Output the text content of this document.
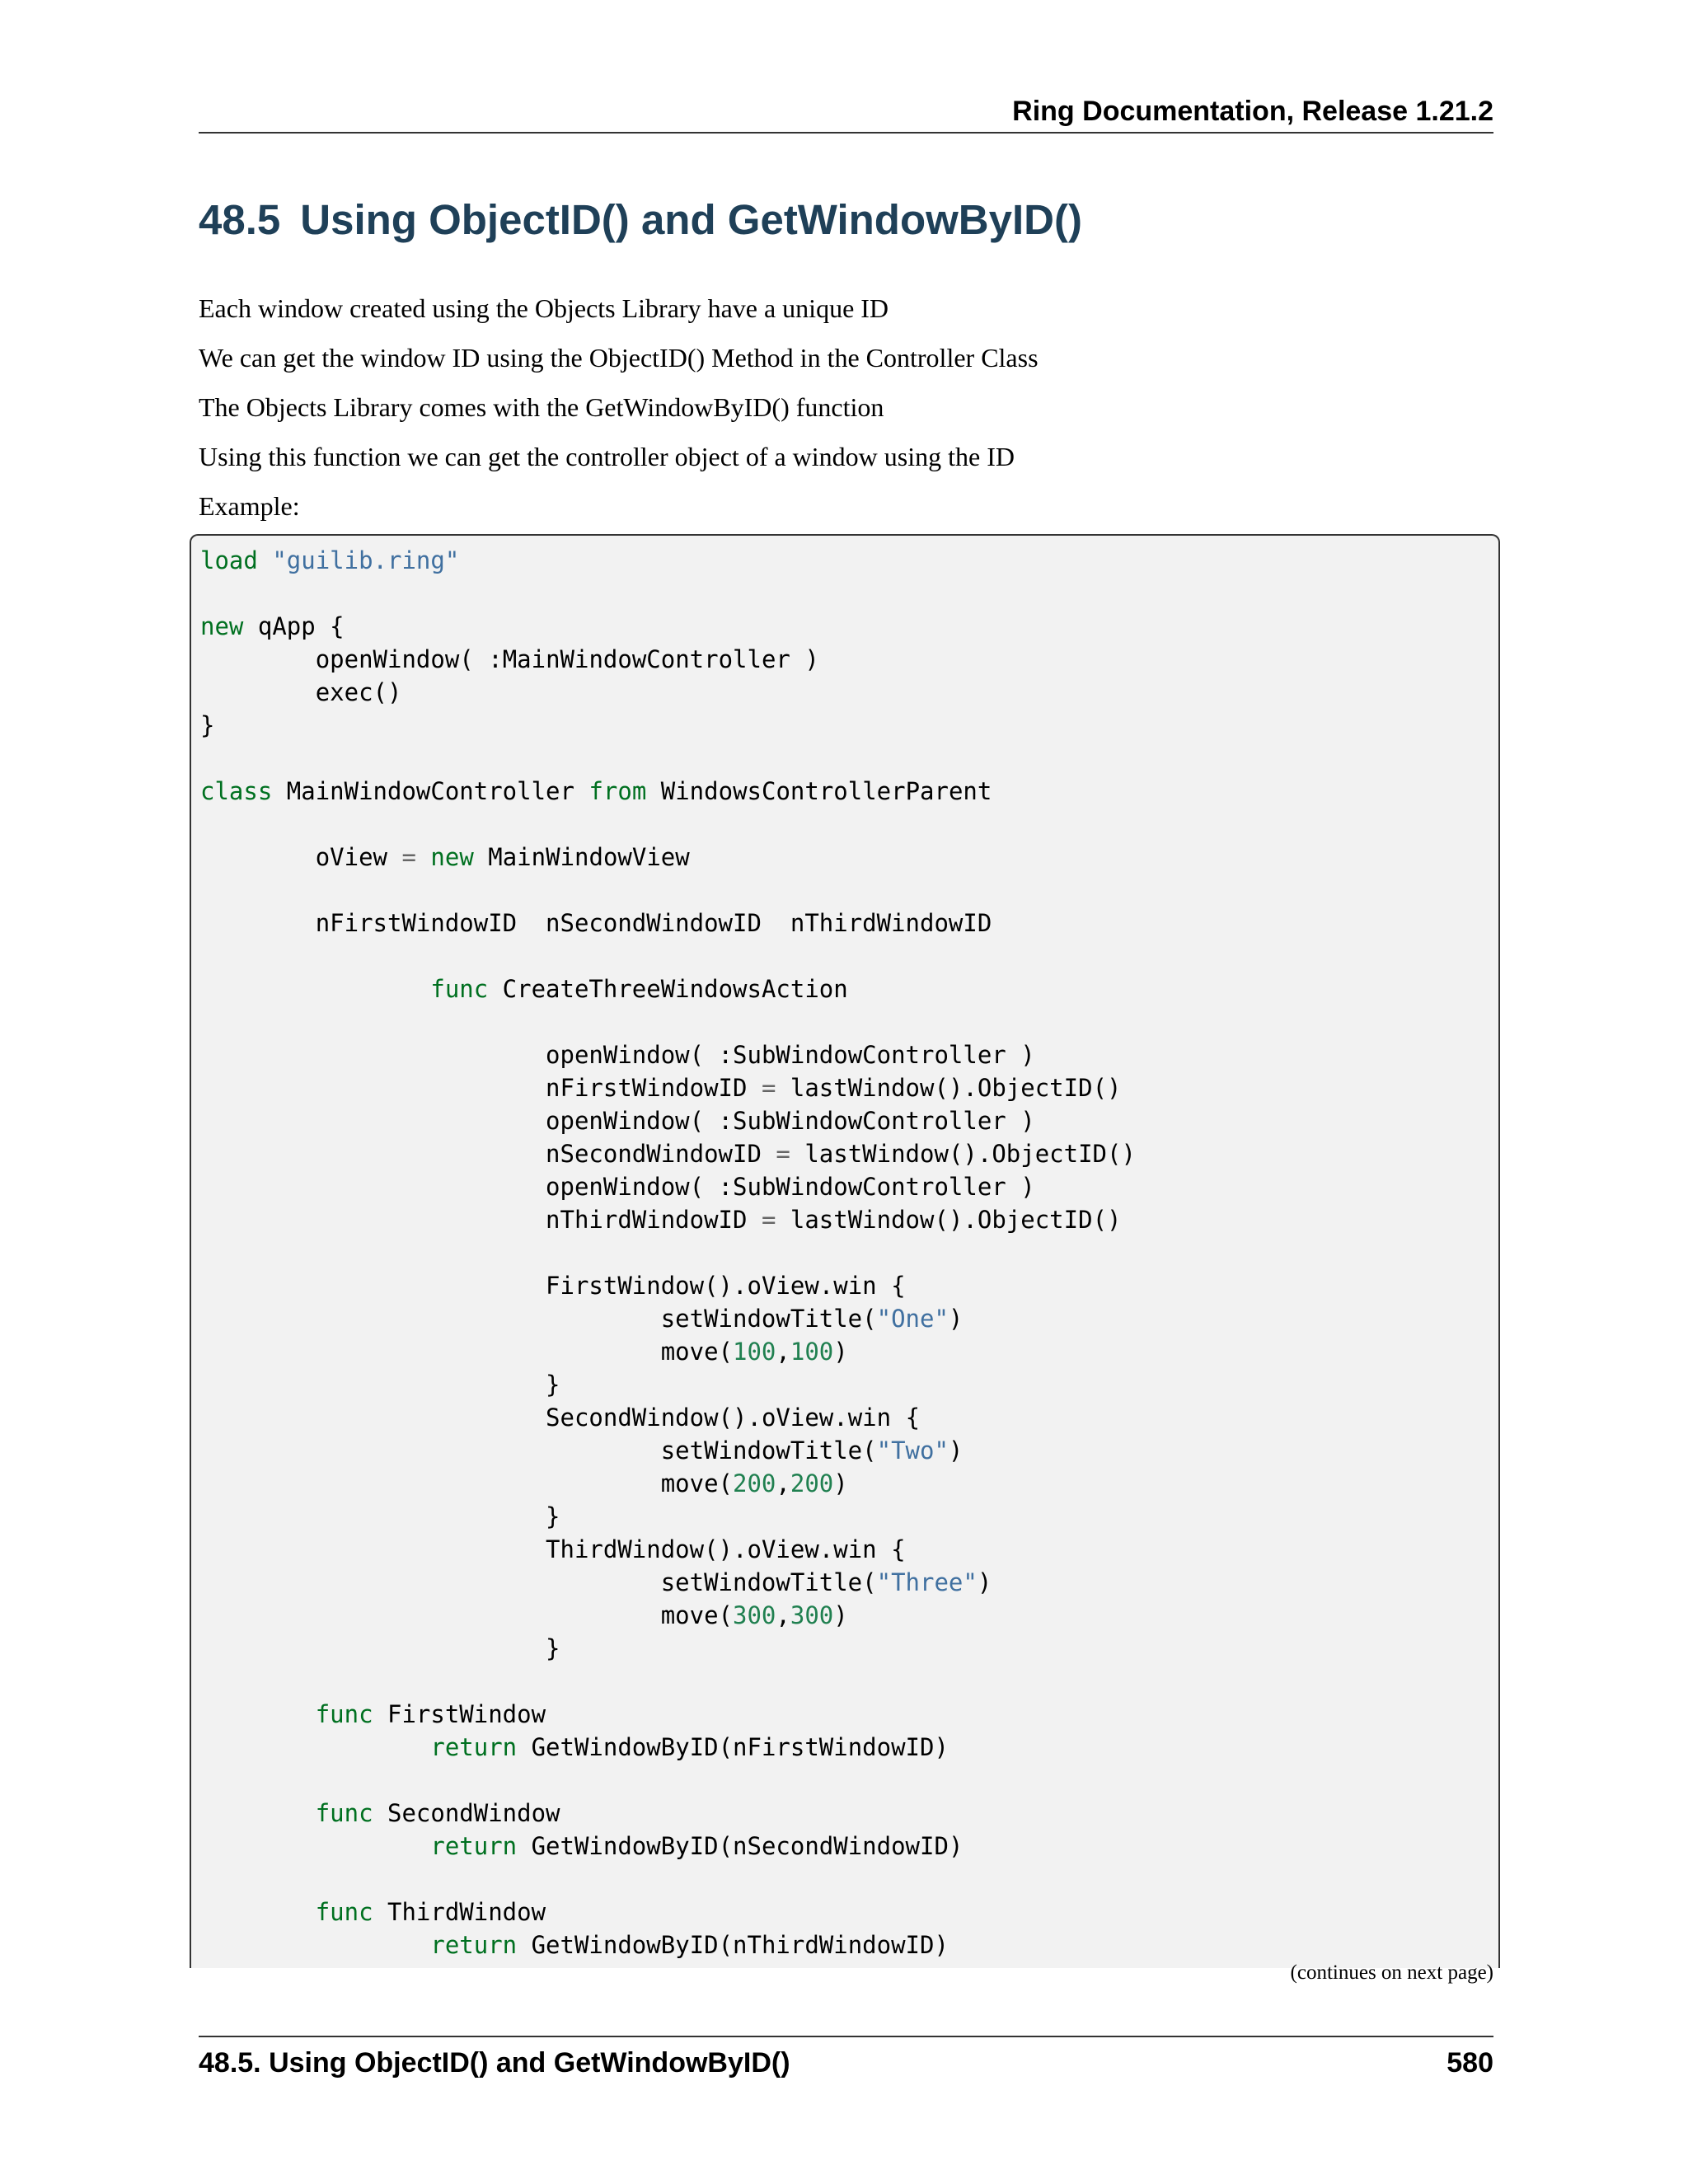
Ring Documentation, Release 1.21.2
48.5 Using ObjectID() and GetWindowByID()
Each window created using the Objects Library have a unique ID
We can get the window ID using the ObjectID() Method in the Controller Class
The Objects Library comes with the GetWindowByID() function
Using this function we can get the controller object of a window using the ID
Example:
load "guilib.ring"

new qApp {
openWindow( :MainWindowController )
exec()
}

class MainWindowController from WindowsControllerParent

oView = new MainWindowView

nFirstWindowID nSecondWindowID nThirdWindowID

func CreateThreeWindowsAction

openWindow( :SubWindowController )
nFirstWindowID = lastWindow().ObjectID()
openWindow( :SubWindowController )
nSecondWindowID = lastWindow().ObjectID()
openWindow( :SubWindowController )
nThirdWindowID = lastWindow().ObjectID()

FirstWindow().oView.win {
setWindowTitle("One")
move(100,100)
}
SecondWindow().oView.win {
setWindowTitle("Two")
move(200,200)
}
ThirdWindow().oView.win {
setWindowTitle("Three")
move(300,300)
}

func FirstWindow
return GetWindowByID(nFirstWindowID)

func SecondWindow
return GetWindowByID(nSecondWindowID)

func ThirdWindow
return GetWindowByID(nThirdWindowID)
(continues on next page)
48.5. Using ObjectID() and GetWindowByID()	580
